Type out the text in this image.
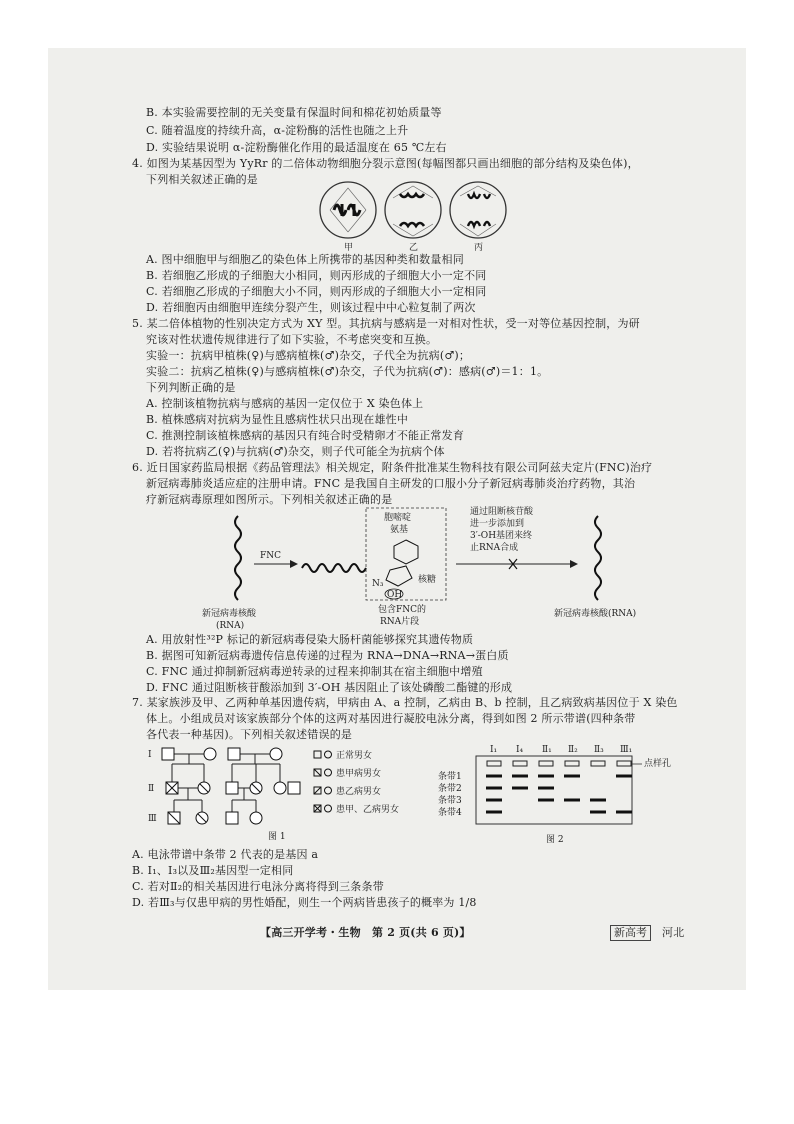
B. 本实验需要控制的无关变量有保温时间和棉花初始质量等
C. 随着温度的持续升高，α-淀粉酶的活性也随之上升
D. 实验结果说明 α-淀粉酶催化作用的最适温度在 65 ℃左右
4. 如图为某基因型为 YyRr 的二倍体动物细胞分裂示意图(每幅图都只画出细胞的部分结构及染色体)，
下列相关叙述正确的是
甲	乙	丙
A. 图中细胞甲与细胞乙的染色体上所携带的基因种类和数量相同
B. 若细胞乙形成的子细胞大小相同，则丙形成的子细胞大小一定不同
C. 若细胞乙形成的子细胞大小不同，则丙形成的子细胞大小一定相同
D. 若细胞丙由细胞甲连续分裂产生，则该过程中中心粒复制了两次
5. 某二倍体植物的性别决定方式为 XY 型。其抗病与感病是一对相对性状，受一对等位基因控制，为研
究该对性状遗传规律进行了如下实验，不考虑突变和互换。
实验一：抗病甲植株(♀)与感病植株(♂)杂交，子代全为抗病(♂)；
实验二：抗病乙植株(♀)与感病植株(♂)杂交，子代为抗病(♂)：感病(♂)＝1：1。
下列判断正确的是
A. 控制该植物抗病与感病的基因一定仅位于 X 染色体上
B. 植株感病对抗病为显性且感病性状只出现在雄性中
C. 推测控制该植株感病的基因只有纯合时受精卵才不能正常发育
D. 若将抗病乙(♀)与抗病(♂)杂交，则子代可能全为抗病个体
6. 近日国家药监局根据《药品管理法》相关规定，附条件批准某生物科技有限公司阿兹夫定片(FNC)治疗
新冠病毒肺炎适应症的注册申请。FNC 是我国自主研发的口服小分子新冠病毒肺炎治疗药物，其治
疗新冠病毒原理如图所示。下列相关叙述正确的是
FNC
胞嘧啶
氨基
核糖
N₃
OH
包含FNC的
RNA片段
通过阻断核苷酸
进一步添加到
3′-OH基团来终
止RNA合成
新冠病毒核酸
(RNA)
新冠病毒核酸(RNA)
A. 用放射性³²P 标记的新冠病毒侵染大肠杆菌能够探究其遗传物质
B. 据图可知新冠病毒遗传信息传递的过程为 RNA→DNA→RNA→蛋白质
C. FNC 通过抑制新冠病毒逆转录的过程来抑制其在宿主细胞中增殖
D. FNC 通过阻断核苷酸添加到 3′-OH 基因阻止了该处磷酸二酯键的形成
7. 某家族涉及甲、乙两种单基因遗传病，甲病由 A、a 控制，乙病由 B、b 控制，且乙病致病基因位于 X 染色
体上。小组成员对该家族部分个体的这两对基因进行凝胶电泳分离，得到如图 2 所示带谱(四种条带
各代表一种基因)。下列相关叙述错误的是
Ⅰ
Ⅱ
Ⅲ
正常男女
患甲病男女
患乙病男女
患甲、乙病男女
图 1
点样孔
图 2
Ⅰ₁ Ⅰ₄ Ⅱ₁ Ⅱ₂ Ⅱ₃ Ⅲ₁
条带1
条带2
条带3
条带4
A. 电泳带谱中条带 2 代表的是基因 a
B. Ⅰ₁、Ⅰ₃以及Ⅲ₂基因型一定相同
C. 若对Ⅱ₂的相关基因进行电泳分离将得到三条条带
D. 若Ⅲ₃与仅患甲病的男性婚配，则生一个两病皆患孩子的概率为 1/8
【高三开学考・生物　第 2 页(共 6 页)】	新高考	河北
